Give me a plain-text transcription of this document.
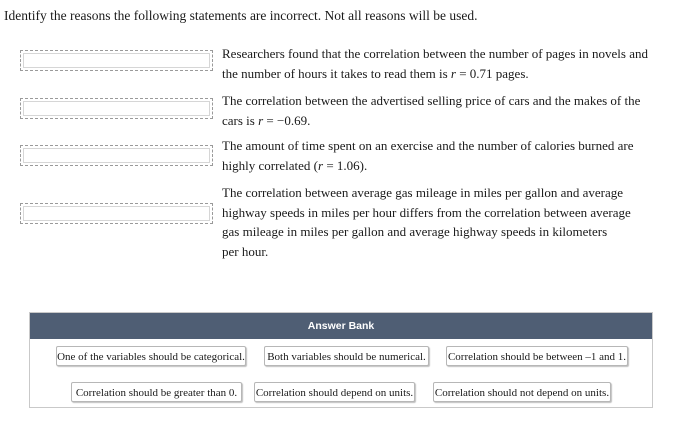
Identify the reasons the following statements are incorrect. Not all reasons will be used.

Researchers found that the correlation between the number of pages in novels and
the number of hours it takes to read them is r = 0.71 pages.
The correlation between the advertised selling price of cars and the makes of the
cars is r = −0.69.
The amount of time spent on an exercise and the number of calories burned are
highly correlated (r = 1.06).
The correlation between average gas mileage in miles per gallon and average
highway speeds in miles per hour differs from the correlation between average
gas mileage in miles per gallon and average highway speeds in kilometers
per hour.
Answer Bank
One of the variables should be categorical. Both variables should be numerical. Correlation should be between –1 and 1.
Correlation should be greater than 0.	Correlation should depend on units. Correlation should not depend on units.
